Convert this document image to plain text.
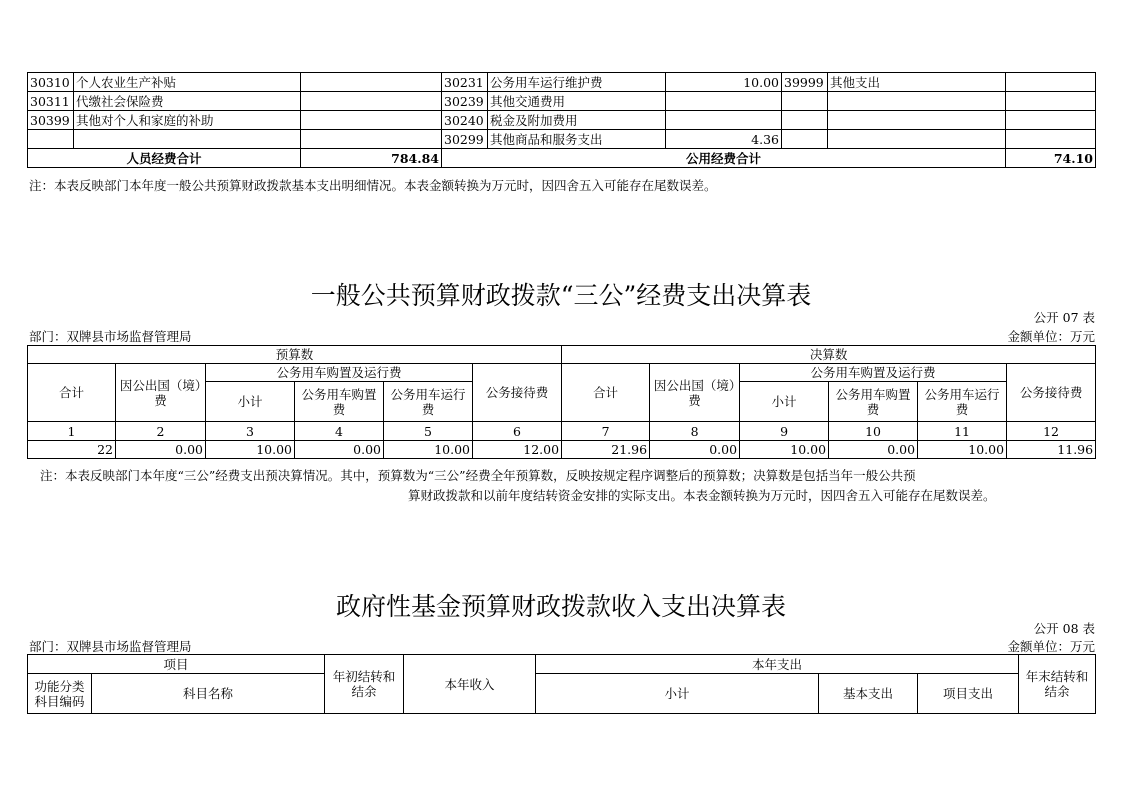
30310	个人农业生产补贴		30231	公务用车运行维护费	10.00	39999	其他支出	
30311	代缴社会保险费		30239	其他交通费用				
30399	其他对个人和家庭的补助		30240	税金及附加费用				
			30299	其他商品和服务支出	4.36			
人员经费合计		784.84	公用经费合计					74.10
注：本表反映部门本年度一般公共预算财政拨款基本支出明细情况。本表金额转换为万元时，因四舍五入可能存在尾数误差。
一般公共预算财政拨款“三公”经费支出决算表
公开 07 表
部门：双牌县市场监督管理局	金额单位：万元
预算数						决算数					
合计	因公出国（境）费	公务用车购置及运行费			公务接待费	合计	因公出国（境）费	公务用车购置及运行费			公务接待费
		小计	公务用车购置费	公务用车运行费				小计	公务用车购置费	公务用车运行费	
1	2	3	4	5	6	7	8	9	10	11	12
22	0.00	10.00	0.00	10.00	12.00	21.96	0.00	10.00	0.00	10.00	11.96
注：本表反映部门本年度“三公”经费支出预决算情况。其中，预算数为“三公”经费全年预算数，反映按规定程序调整后的预算数；决算数是包括当年一般公共预
算财政拨款和以前年度结转资金安排的实际支出。本表金额转换为万元时，因四舍五入可能存在尾数误差。
政府性基金预算财政拨款收入支出决算表
公开 08 表
部门：双牌县市场监督管理局	金额单位：万元
项目		年初结转和结余	本年收入	本年支出			年末结转和结余
功能分类科目编码	科目名称			小计	基本支出	项目支出	
